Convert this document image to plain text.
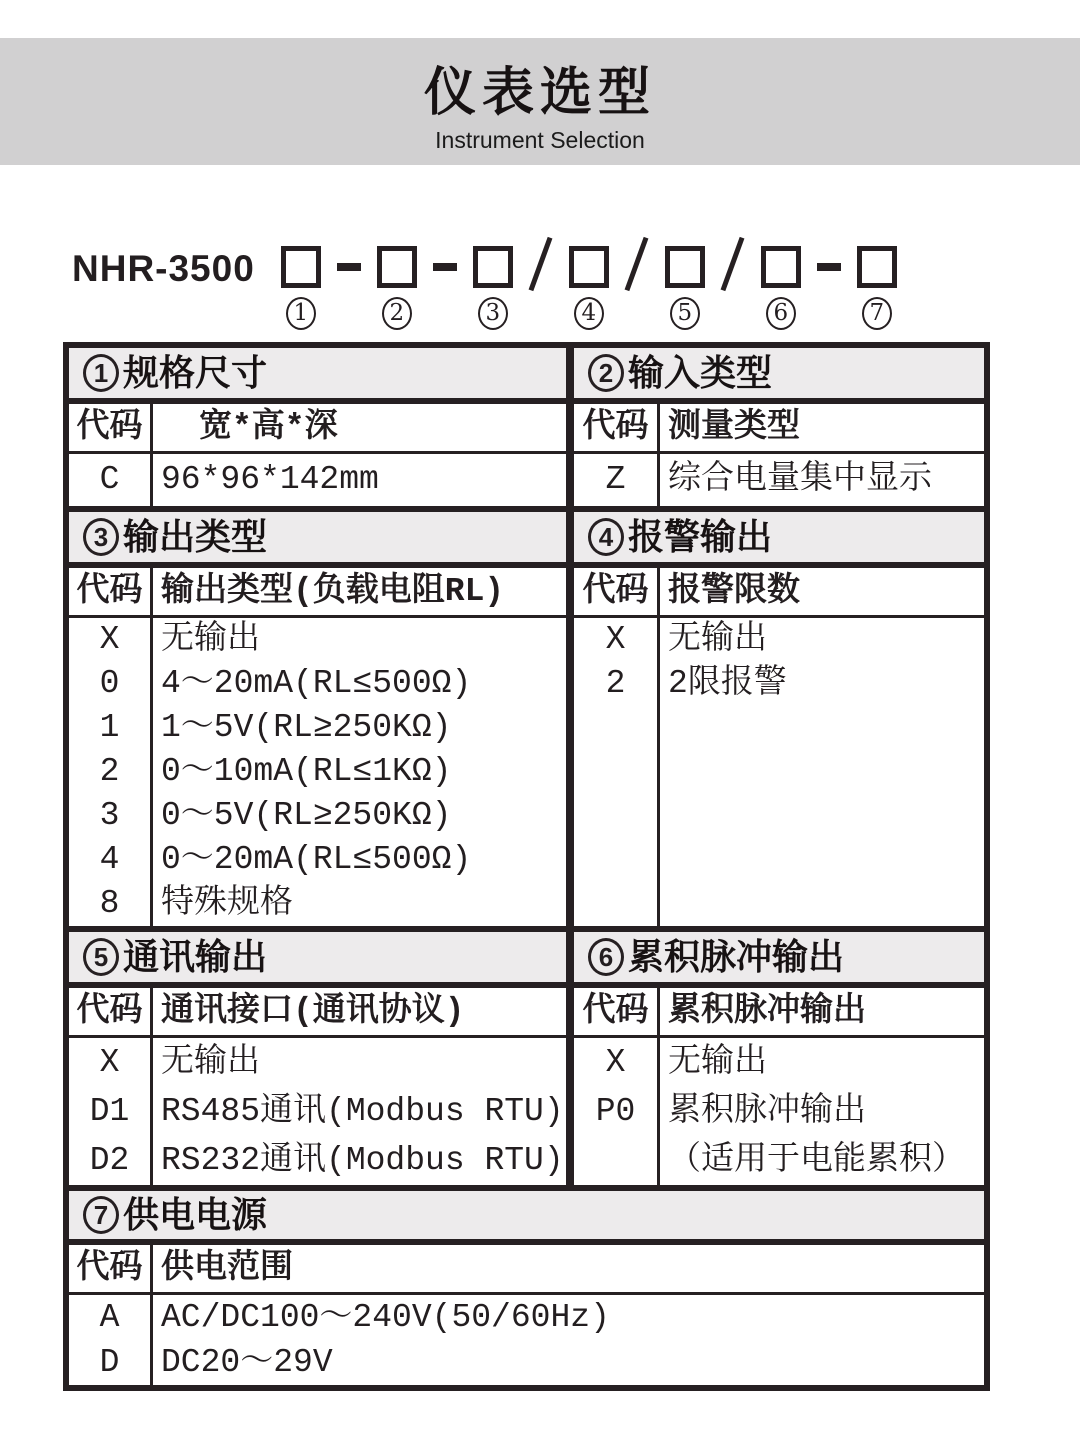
仪表选型
Instrument Selection
NHR-3500
1	2	3	4	5	6	7
1 规格尺寸
代码	宽*高*深
C	96*96*142mm
2 输入类型
代码 测量类型
Z	综合电量集中显示
3 输出类型
代码 输出类型(负载电阻RL)
X	无输出
0	4～20mA(RL≤500Ω)
1	1～5V(RL≥250KΩ)
2	0～10mA(RL≤1KΩ)
3	0～5V(RL≥250KΩ)
4	0～20mA(RL≤500Ω)
8	特殊规格
4 报警输出
代码 报警限数
X	无输出
2	2限报警
5 通讯输出
代码 通讯接口(通讯协议)
X	无输出
D1 RS485通讯(Modbus RTU)
D2 RS232通讯(Modbus RTU)
6 累积脉冲输出
代码 累积脉冲输出
X	无输出
P0 累积脉冲输出
（适用于电能累积）
7 供电电源
代码 供电范围
A	AC/DC100～240V(50/60Hz)
D	DC20～29V
